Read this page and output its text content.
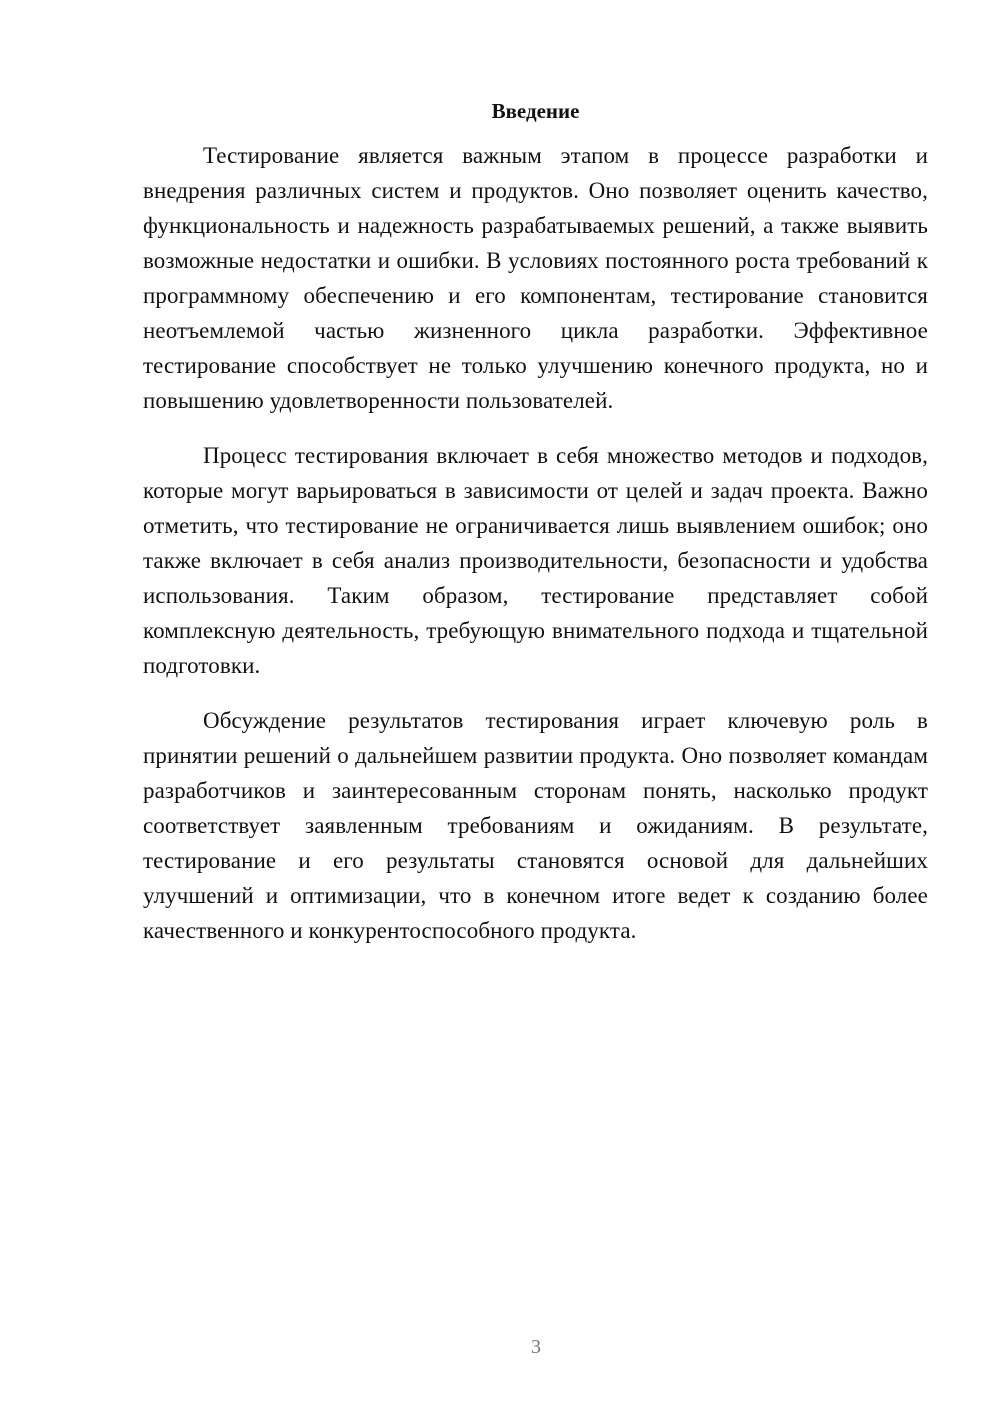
Введение

Тестирование является важным этапом в процессе разработки и внедрения различных систем и продуктов. Оно позволяет оценить качество, функциональность и надежность разрабатываемых решений, а также выявить возможные недостатки и ошибки. В условиях постоянного роста требований к программному обеспечению и его компонентам, тестирование становится неотъемлемой частью жизненного цикла разработки. Эффективное тестирование способствует не только улучшению конечного продукта, но и повышению удовлетворенности пользователей.

Процесс тестирования включает в себя множество методов и подходов, которые могут варьироваться в зависимости от целей и задач проекта. Важно отметить, что тестирование не ограничивается лишь выявлением ошибок; оно также включает в себя анализ производительности, безопасности и удобства использования. Таким образом, тестирование представляет собой комплексную деятельность, требующую внимательного подхода и тщательной подготовки.

Обсуждение результатов тестирования играет ключевую роль в принятии решений о дальнейшем развитии продукта. Оно позволяет командам разработчиков и заинтересованным сторонам понять, насколько продукт соответствует заявленным требованиям и ожиданиям. В результате, тестирование и его результаты становятся основой для дальнейших улучшений и оптимизации, что в конечном итоге ведет к созданию более качественного и конкурентоспособного продукта.

3
